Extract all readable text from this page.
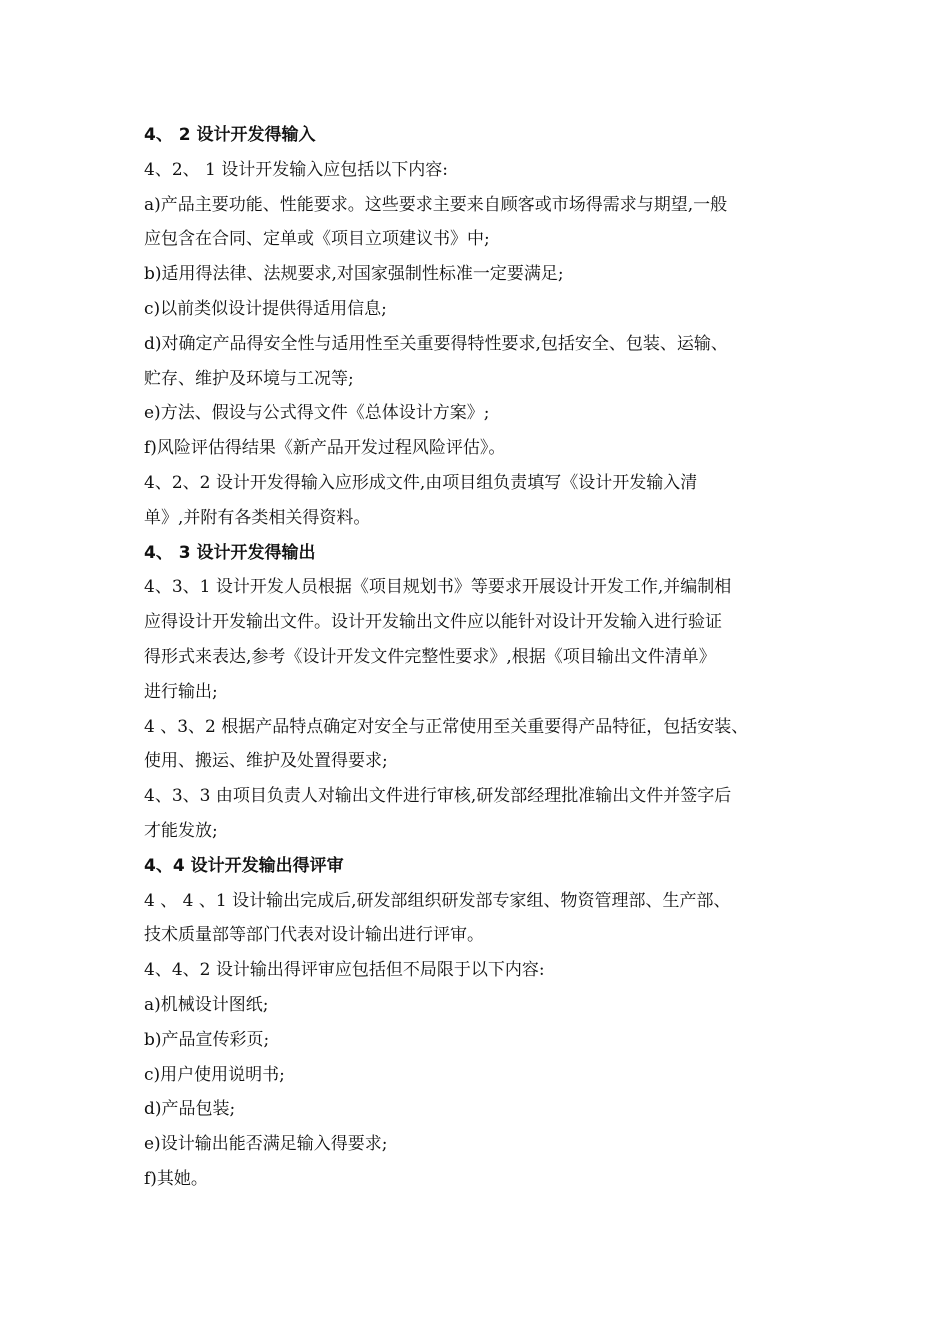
4、 2 设计开发得输入
4、2、 1 设计开发输入应包括以下内容:
a)产品主要功能、性能要求。这些要求主要来自顾客或市场得需求与期望,一般
应包含在合同、定单或《项目立项建议书》中;
b)适用得法律、法规要求,对国家强制性标准一定要满足;
c)以前类似设计提供得适用信息;
d)对确定产品得安全性与适用性至关重要得特性要求,包括安全、包装、运输、
贮存、维护及环境与工况等;
e)方法、假设与公式得文件《总体设计方案》;
f)风险评估得结果《新产品开发过程风险评估》。
4、2、2 设计开发得输入应形成文件,由项目组负责填写《设计开发输入清
单》,并附有各类相关得资料。
4、 3 设计开发得输出
4、3、1 设计开发人员根据《项目规划书》等要求开展设计开发工作,并编制相
应得设计开发输出文件。设计开发输出文件应以能针对设计开发输入进行验证
得形式来表达,参考《设计开发文件完整性要求》,根据《项目输出文件清单》
进行输出;
4 、3、2 根据产品特点确定对安全与正常使用至关重要得产品特征，包括安装、
使用、搬运、维护及处置得要求;
4、3、3 由项目负责人对输出文件进行审核,研发部经理批准输出文件并签字后
才能发放;
4、4 设计开发输出得评审
4 、 4 、1 设计输出完成后,研发部组织研发部专家组、物资管理部、生产部、
技术质量部等部门代表对设计输出进行评审。
4、4、2 设计输出得评审应包括但不局限于以下内容:
a)机械设计图纸;
b)产品宣传彩页;
c)用户使用说明书;
d)产品包装;
e)设计输出能否满足输入得要求;
f)其她。
